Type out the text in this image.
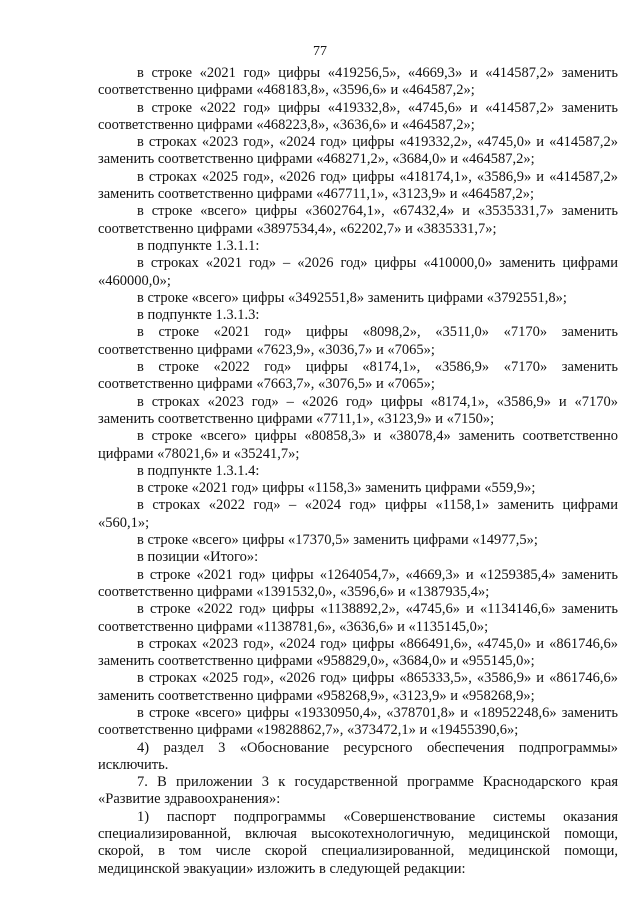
77

в строке «2021 год» цифры «419256,5», «4669,3» и «414587,2» заменить соответственно цифрами «468183,8», «3596,6» и «464587,2»;

в строке «2022 год» цифры «419332,8», «4745,6» и «414587,2» заменить соответственно цифрами «468223,8», «3636,6» и «464587,2»;

в строках «2023 год», «2024 год» цифры «419332,2», «4745,0» и «414587,2» заменить соответственно цифрами «468271,2», «3684,0» и «464587,2»;

в строках «2025 год», «2026 год» цифры «418174,1», «3586,9» и «414587,2» заменить соответственно цифрами «467711,1», «3123,9» и «464587,2»;

в строке «всего» цифры «3602764,1», «67432,4» и «3535331,7» заменить соответственно цифрами «3897534,4», «62202,7» и «3835331,7»;

в подпункте 1.3.1.1:

в строках «2021 год» – «2026 год» цифры «410000,0» заменить цифрами «460000,0»;

в строке «всего» цифры «3492551,8» заменить цифрами «3792551,8»;

в подпункте 1.3.1.3:

в строке «2021 год» цифры «8098,2», «3511,0» «7170» заменить соответственно цифрами «7623,9», «3036,7» и «7065»;

в строке «2022 год» цифры «8174,1», «3586,9» «7170» заменить соответственно цифрами «7663,7», «3076,5» и «7065»;

в строках «2023 год» – «2026 год» цифры «8174,1», «3586,9» и «7170» заменить соответственно цифрами «7711,1», «3123,9» и «7150»;

в строке «всего» цифры «80858,3» и «38078,4» заменить соответственно цифрами «78021,6» и «35241,7»;

в подпункте 1.3.1.4:

в строке «2021 год» цифры «1158,3» заменить цифрами «559,9»;

в строках «2022 год» – «2024 год» цифры «1158,1» заменить цифрами «560,1»;

в строке «всего» цифры «17370,5» заменить цифрами «14977,5»;

в позиции «Итого»:

в строке «2021 год» цифры «1264054,7», «4669,3» и «1259385,4» заменить соответственно цифрами «1391532,0», «3596,6» и «1387935,4»;

в строке «2022 год» цифры «1138892,2», «4745,6» и «1134146,6» заменить соответственно цифрами «1138781,6», «3636,6» и «1135145,0»;

в строках «2023 год», «2024 год» цифры «866491,6», «4745,0» и «861746,6» заменить соответственно цифрами «958829,0», «3684,0» и «955145,0»;

в строках «2025 год», «2026 год» цифры «865333,5», «3586,9» и «861746,6» заменить соответственно цифрами «958268,9», «3123,9» и «958268,9»;

в строке «всего» цифры «19330950,4», «378701,8» и «18952248,6» заменить соответственно цифрами «19828862,7», «373472,1» и «19455390,6»;

4) раздел 3 «Обоснование ресурсного обеспечения подпрограммы» исключить.

7. В приложении 3 к государственной программе Краснодарского края «Развитие здравоохранения»:

1) паспорт подпрограммы «Совершенствование системы оказания специализированной, включая высокотехнологичную, медицинской помощи, скорой, в том числе скорой специализированной, медицинской помощи, медицинской эвакуации» изложить в следующей редакции:
